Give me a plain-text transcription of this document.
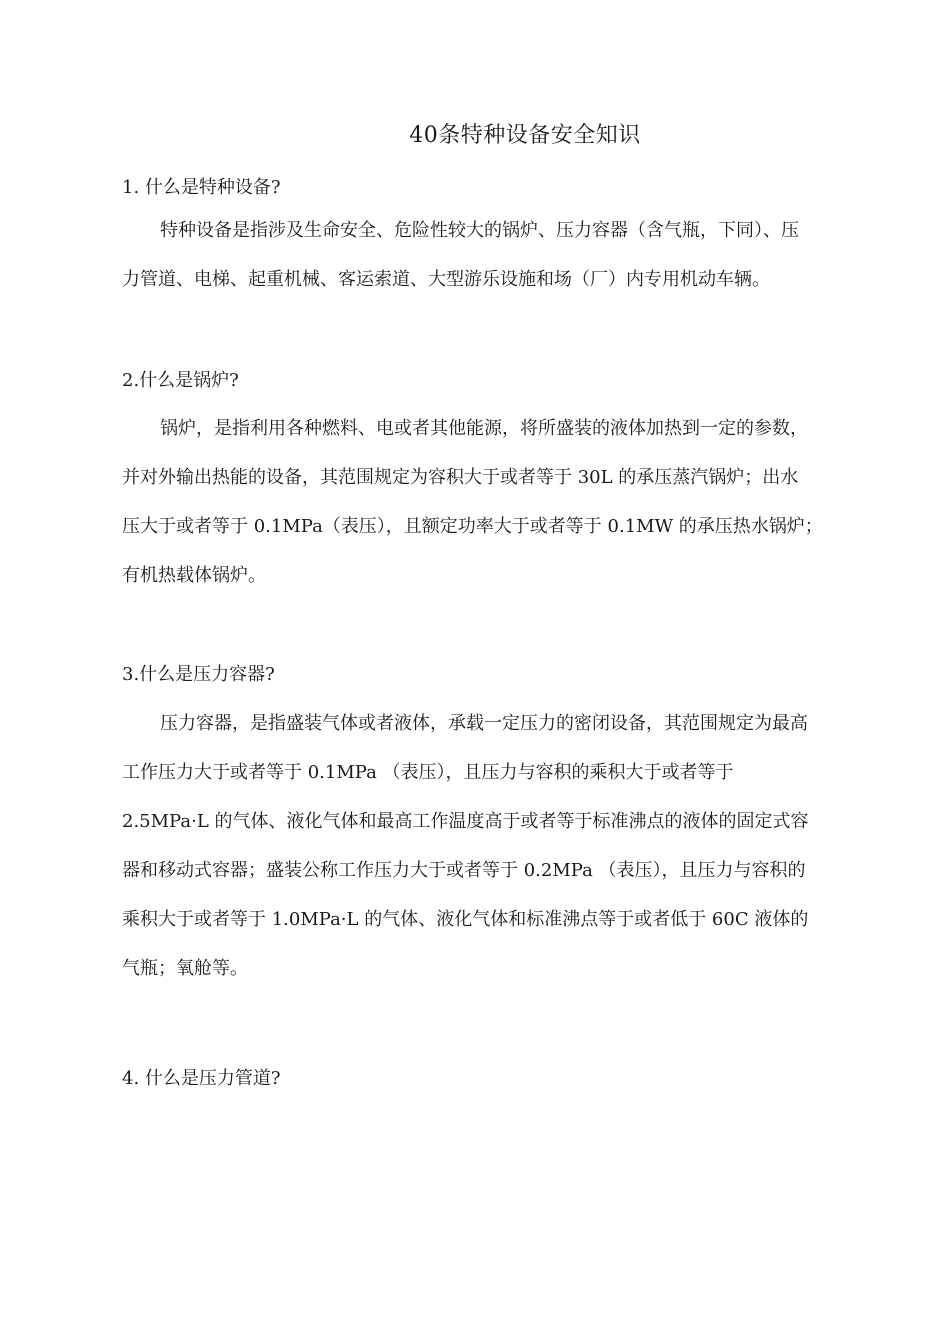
40条特种设备安全知识
1. 什么是特种设备?
特种设备是指涉及生命安全、危险性较大的锅炉、压力容器（含气瓶，下同）、压
力管道、电梯、起重机械、客运索道、大型游乐设施和场（厂）内专用机动车辆。
2.什么是锅炉?
锅炉，是指利用各种燃料、电或者其他能源，将所盛装的液体加热到一定的参数，
并对外输出热能的设备，其范围规定为容积大于或者等于 30L 的承压蒸汽锅炉；出水
压大于或者等于 0.1MPa（表压），且额定功率大于或者等于 0.1MW 的承压热水锅炉；
有机热载体锅炉。
3.什么是压力容器?
压力容器，是指盛装气体或者液体，承载一定压力的密闭设备，其范围规定为最高
工作压力大于或者等于 0.1MPa （表压），且压力与容积的乘积大于或者等于
2.5MPa·L 的气体、液化气体和最高工作温度高于或者等于标准沸点的液体的固定式容
器和移动式容器；盛装公称工作压力大于或者等于 0.2MPa （表压），且压力与容积的
乘积大于或者等于 1.0MPa·L 的气体、液化气体和标准沸点等于或者低于 60C 液体的
气瓶；氧舱等。
4. 什么是压力管道?
